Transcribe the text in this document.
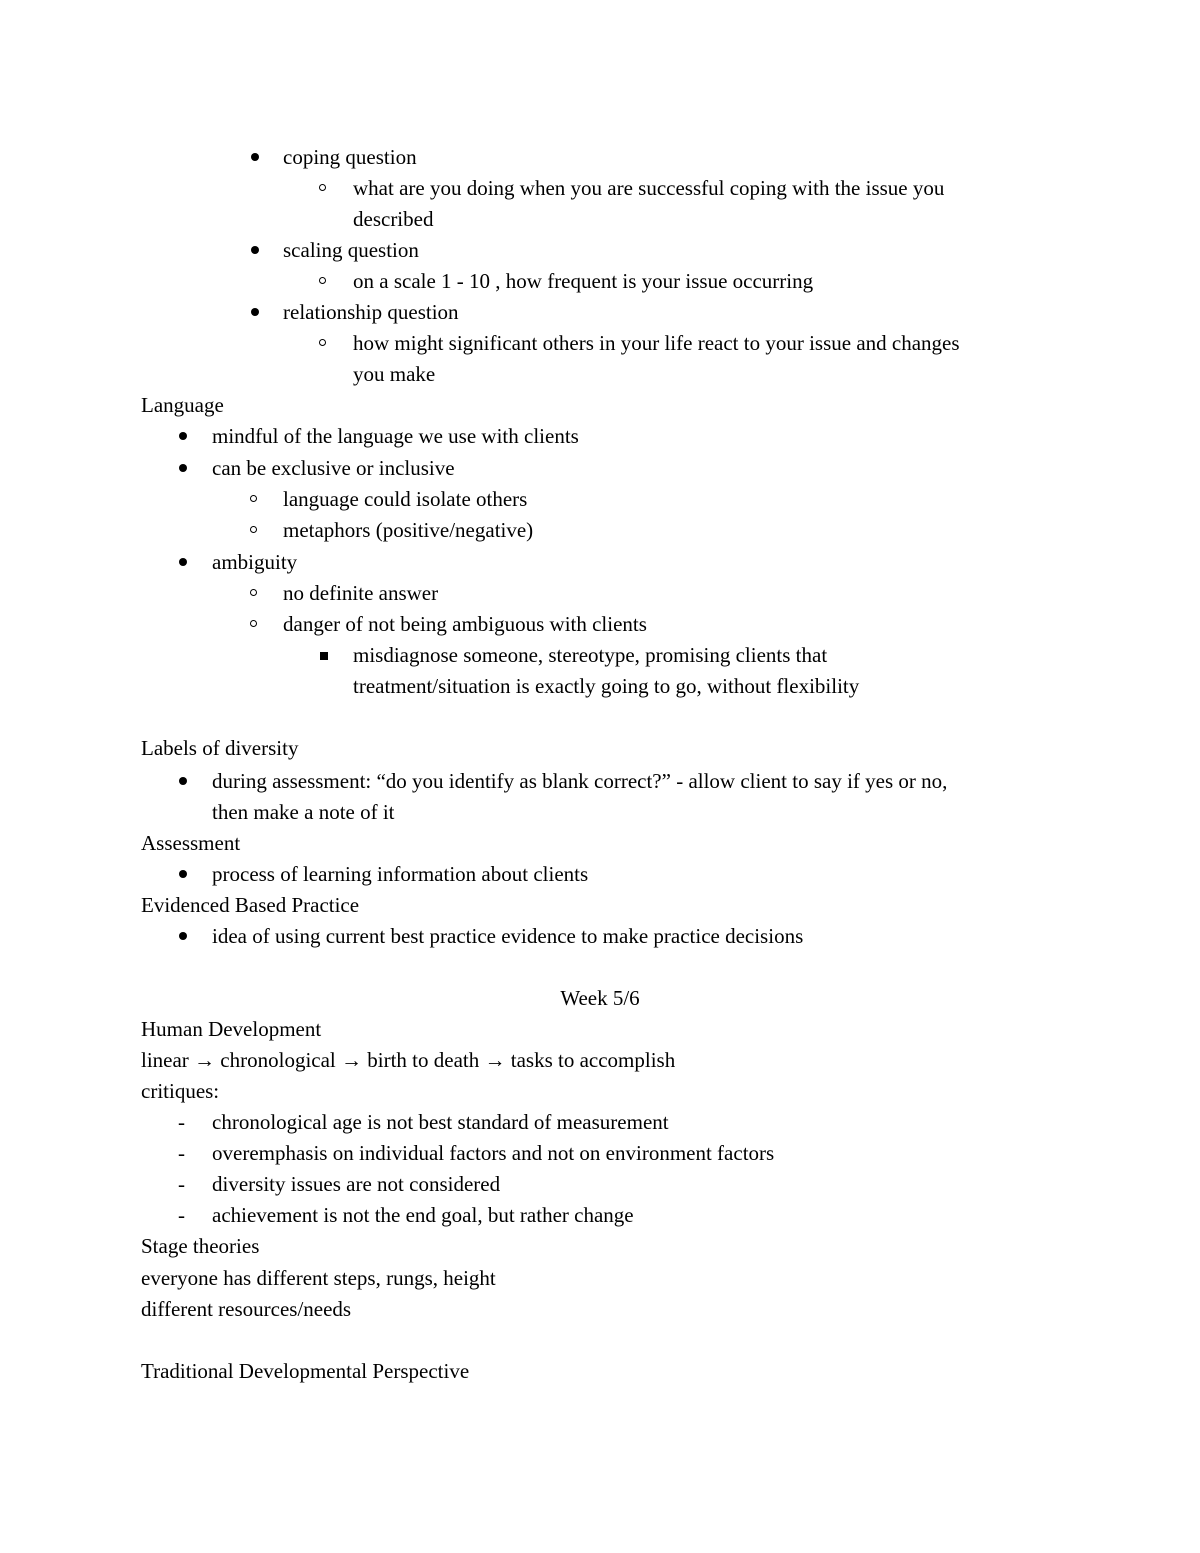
coping question
what are you doing when you are successful coping with the issue you
described
scaling question
on a scale 1 - 10 , how frequent is your issue occurring
relationship question
how might significant others in your life react to your issue and changes
you make
Language
mindful of the language we use with clients
can be exclusive or inclusive
language could isolate others
metaphors (positive/negative)
ambiguity
no definite answer
danger of not being ambiguous with clients
misdiagnose someone, stereotype, promising clients that
treatment/situation is exactly going to go, without flexibility
Labels of diversity
during assessment: “do you identify as blank correct?” - allow client to say if yes or no,
then make a note of it
Assessment
process of learning information about clients
Evidenced Based Practice
idea of using current best practice evidence to make practice decisions
Week 5/6
Human Development
linear → chronological → birth to death → tasks to accomplish
critiques:
- chronological age is not best standard of measurement
- overemphasis on individual factors and not on environment factors
- diversity issues are not considered
- achievement is not the end goal, but rather change
Stage theories
everyone has different steps, rungs, height
different resources/needs
Traditional Developmental Perspective
